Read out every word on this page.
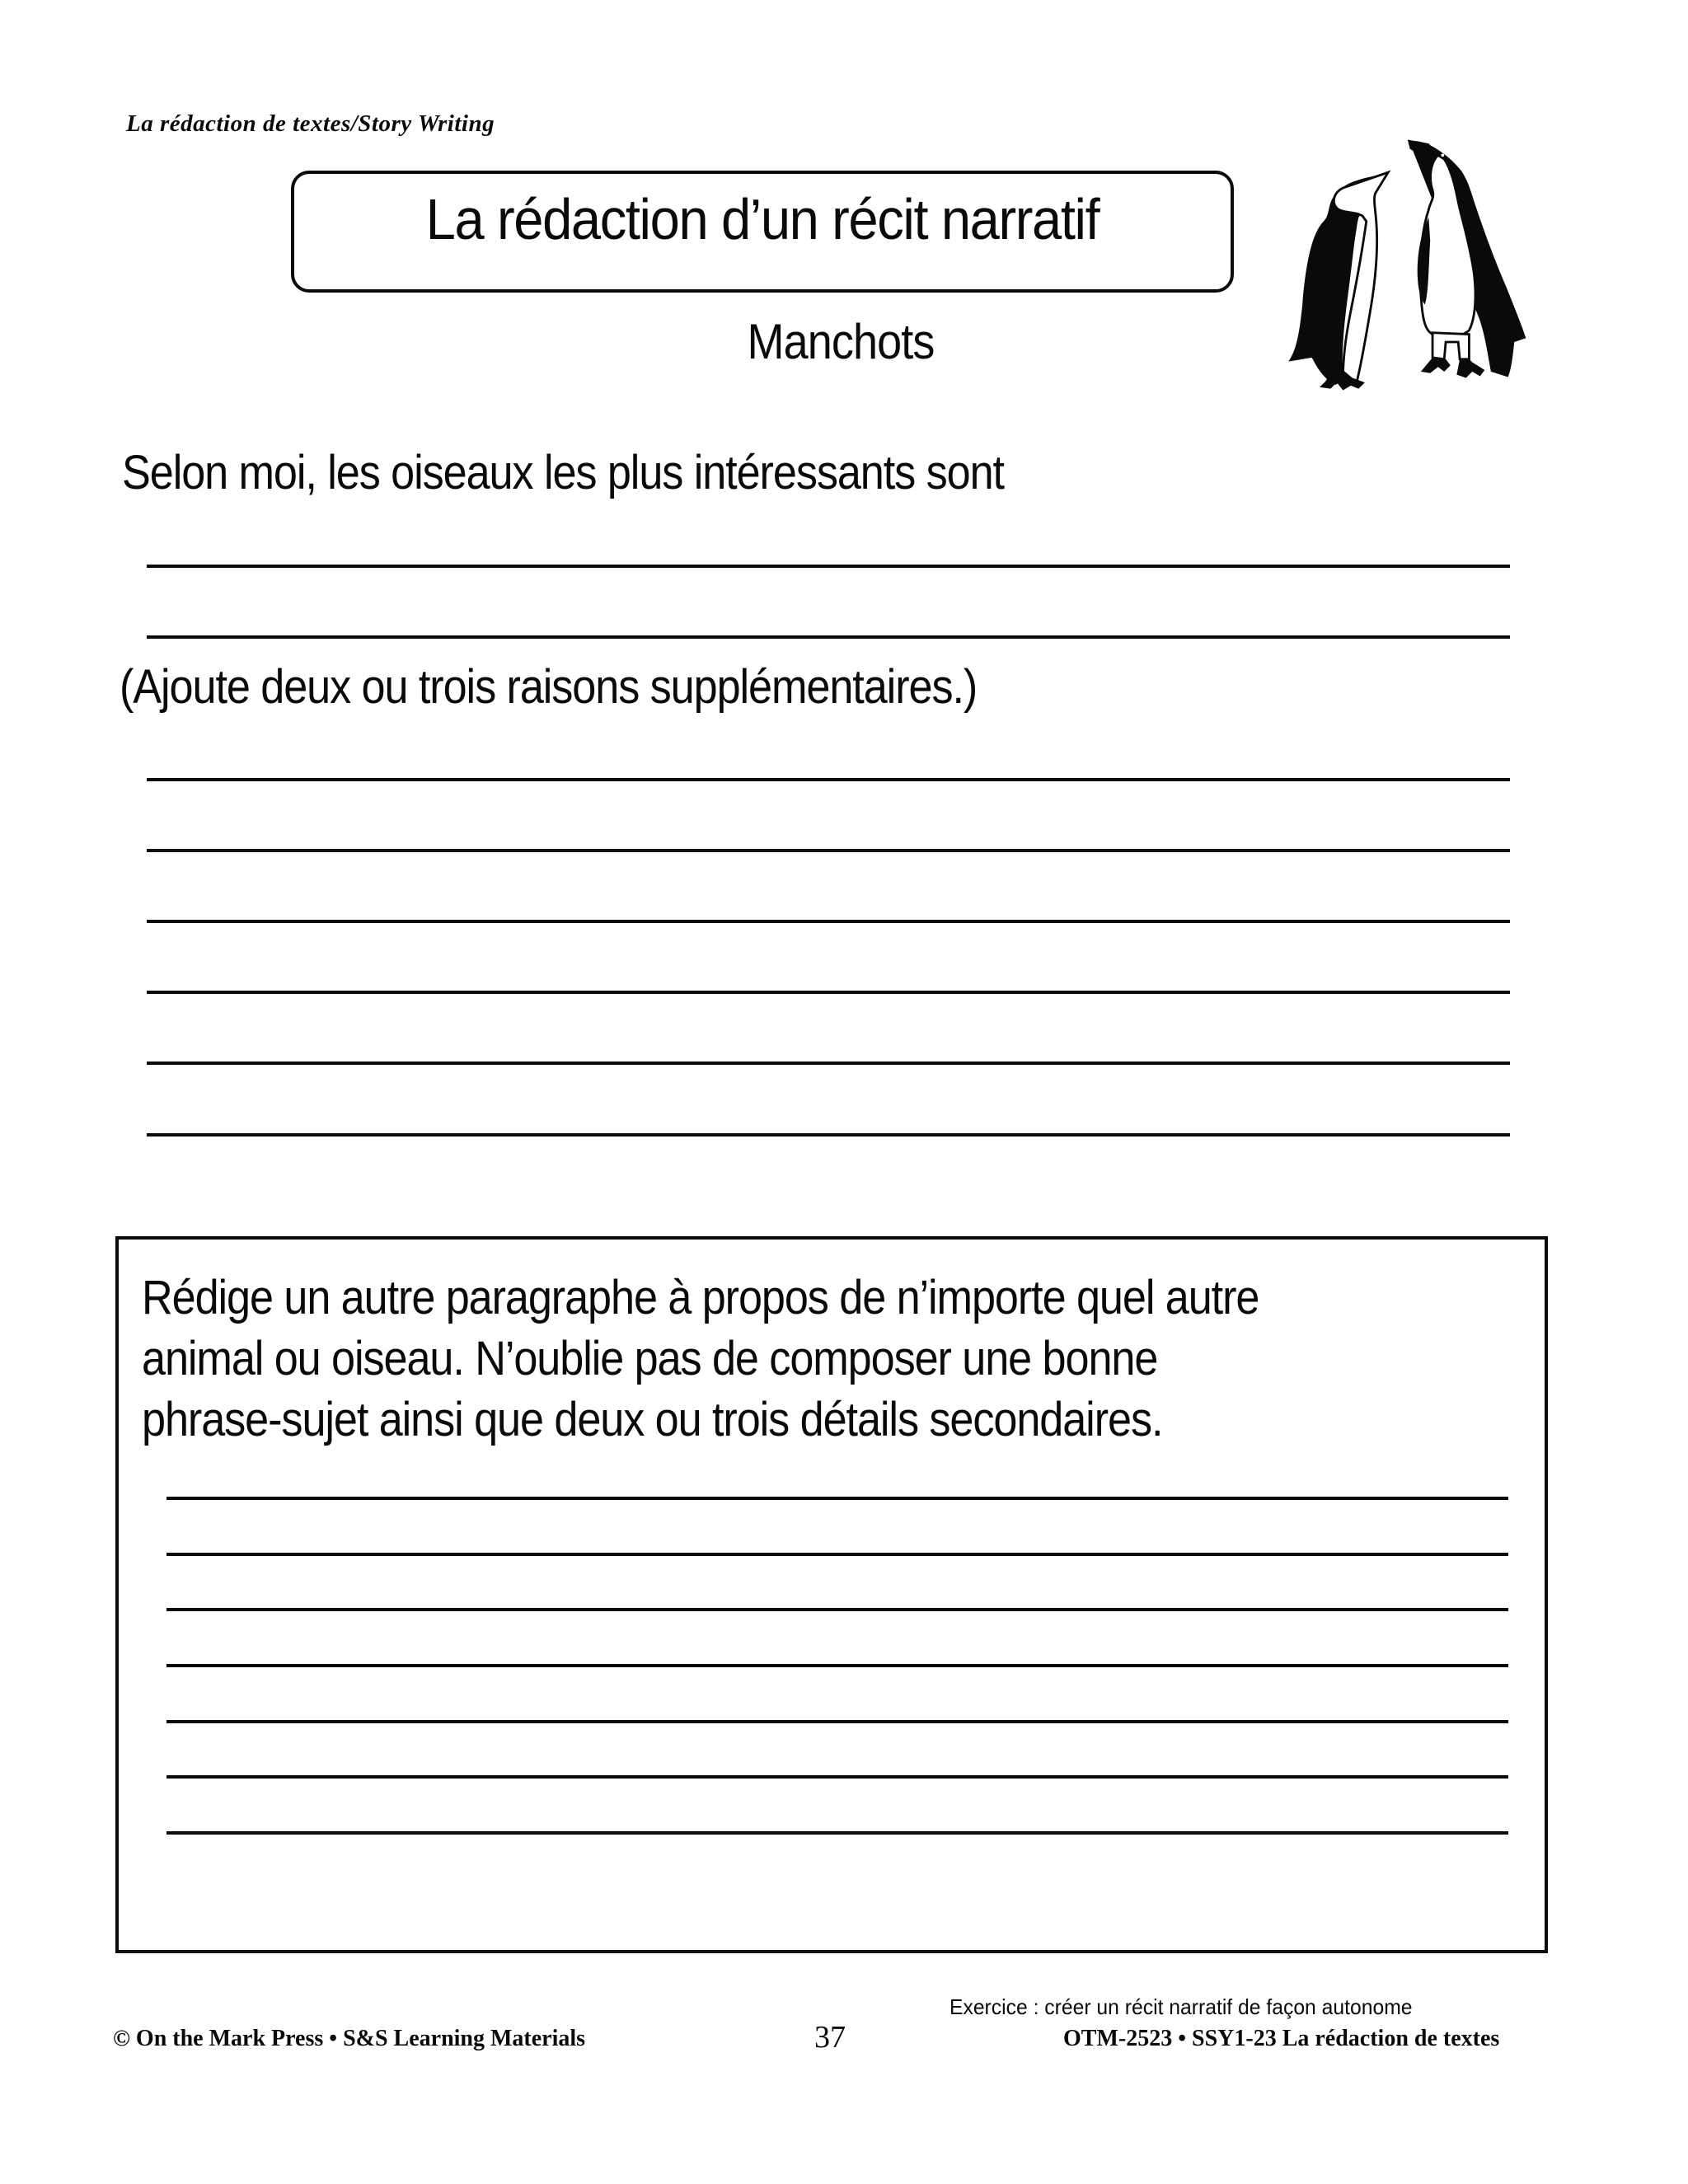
La rédaction de textes/Story Writing
La rédaction d’un récit narratif
Manchots
Selon moi, les oiseaux les plus intéressants sont
(Ajoute deux ou trois raisons supplémentaires.)
Rédige un autre paragraphe à propos de n’importe quel autre
animal ou oiseau. N’oublie pas de composer une bonne
phrase-sujet ainsi que deux ou trois détails secondaires.
Exercice : créer un récit narratif de façon autonome
© On the Mark Press • S&S Learning Materials	37	OTM-2523 • SSY1-23 La rédaction de textes
